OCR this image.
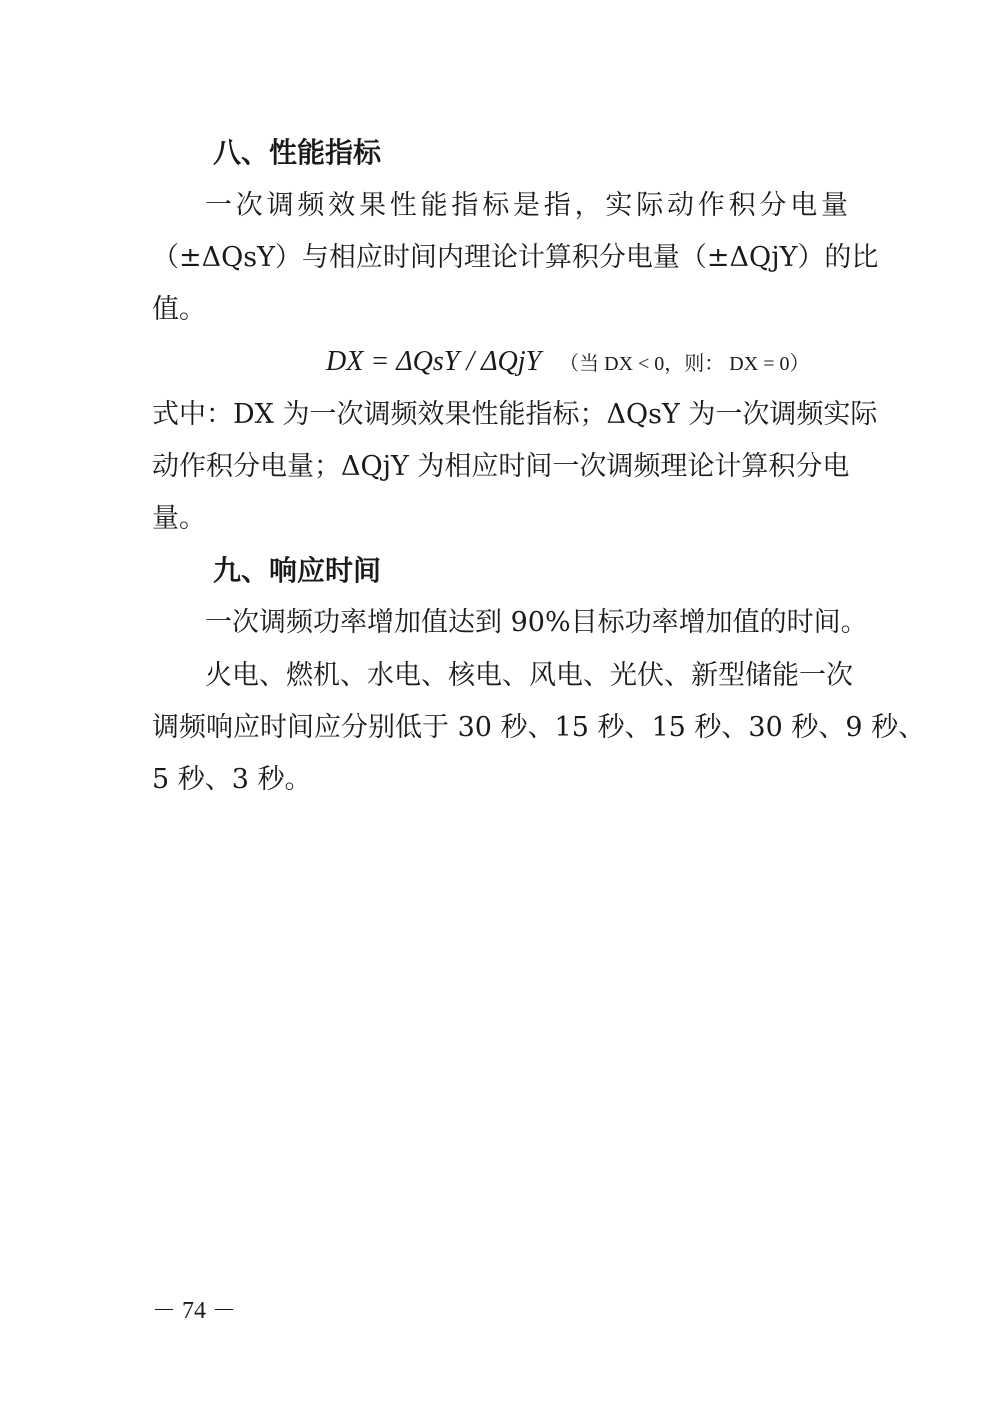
八、性能指标

一次调频效果性能指标是指，实际动作积分电量

（±ΔQsY）与相应时间内理论计算积分电量（±ΔQjY）的比

值。

DX = ΔQsY / ΔQjY （当 DX < 0，则： DX = 0）

式中：DX 为一次调频效果性能指标；ΔQsY 为一次调频实际

动作积分电量；ΔQjY 为相应时间一次调频理论计算积分电

量。

九、响应时间

一次调频功率增加值达到 90%目标功率增加值的时间。

火电、燃机、水电、核电、风电、光伏、新型储能一次

调频响应时间应分别低于 30 秒、15 秒、15 秒、30 秒、9 秒、

5 秒、3 秒。

－ 74 －
